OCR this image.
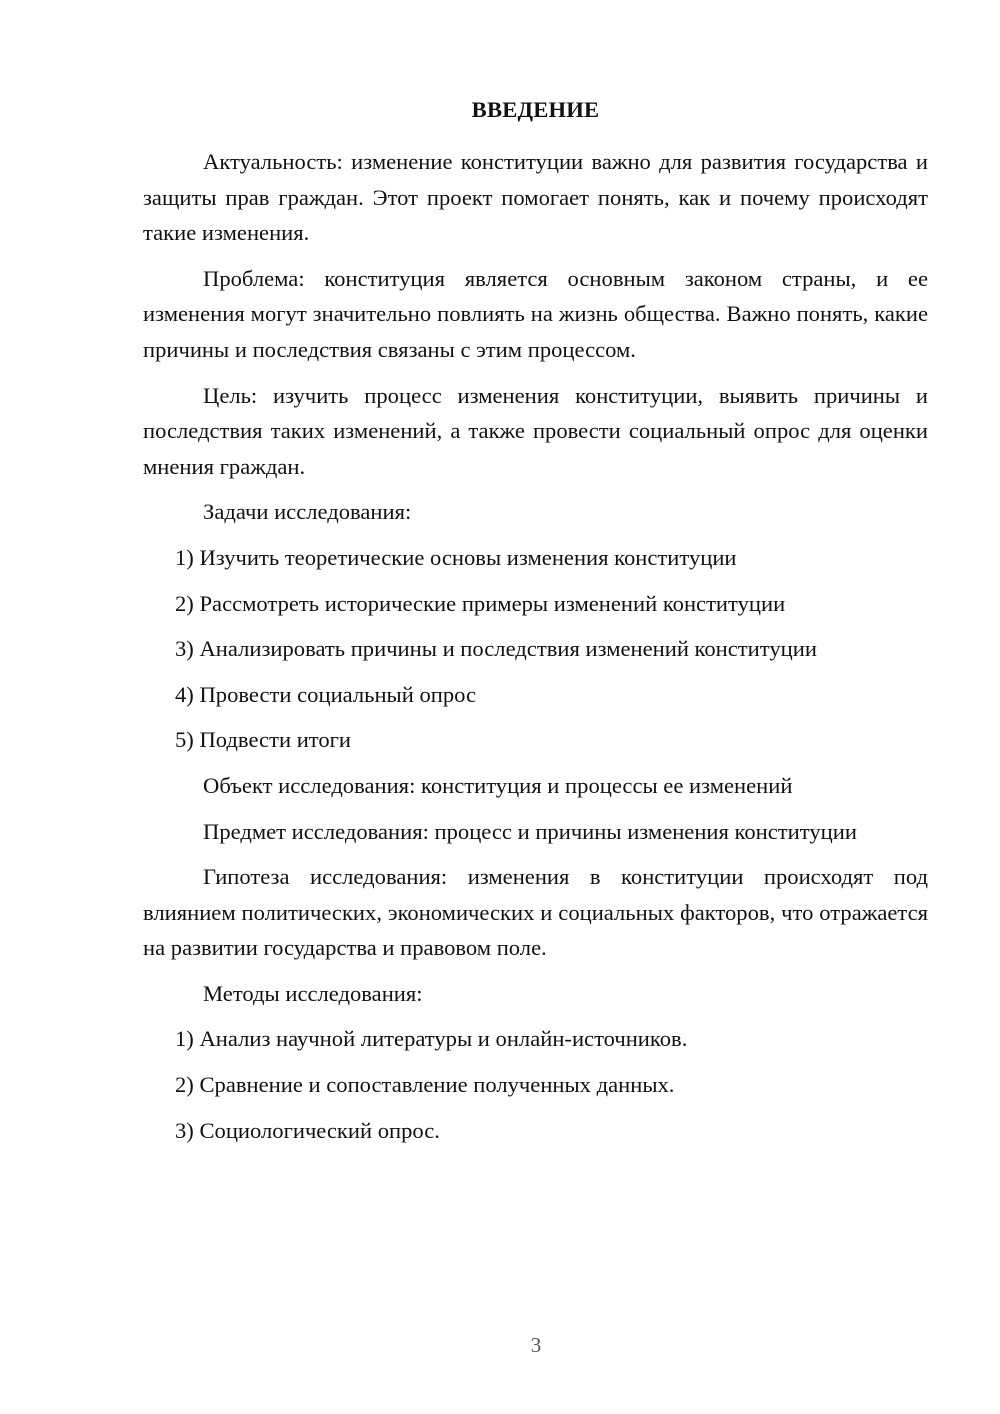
ВВЕДЕНИЕ

Актуальность: изменение конституции важно для развития государства и защиты прав граждан. Этот проект помогает понять, как и почему происходят такие изменения.

Проблема: конституция является основным законом страны, и ее изменения могут значительно повлиять на жизнь общества. Важно понять, какие причины и последствия связаны с этим процессом.

Цель: изучить процесс изменения конституции, выявить причины и последствия таких изменений, а также провести социальный опрос для оценки мнения граждан.

Задачи исследования:
1) Изучить теоретические основы изменения конституции
2) Рассмотреть исторические примеры изменений конституции
3) Анализировать причины и последствия изменений конституции
4) Провести социальный опрос
5) Подвести итоги
Объект исследования: конституция и процессы ее изменений
Предмет исследования: процесс и причины изменения конституции

Гипотеза исследования: изменения в конституции происходят под влиянием политических, экономических и социальных факторов, что отражается на развитии государства и правовом поле.

Методы исследования:
1) Анализ научной литературы и онлайн-источников.
2) Сравнение и сопоставление полученных данных.
3) Социологический опрос.
3
